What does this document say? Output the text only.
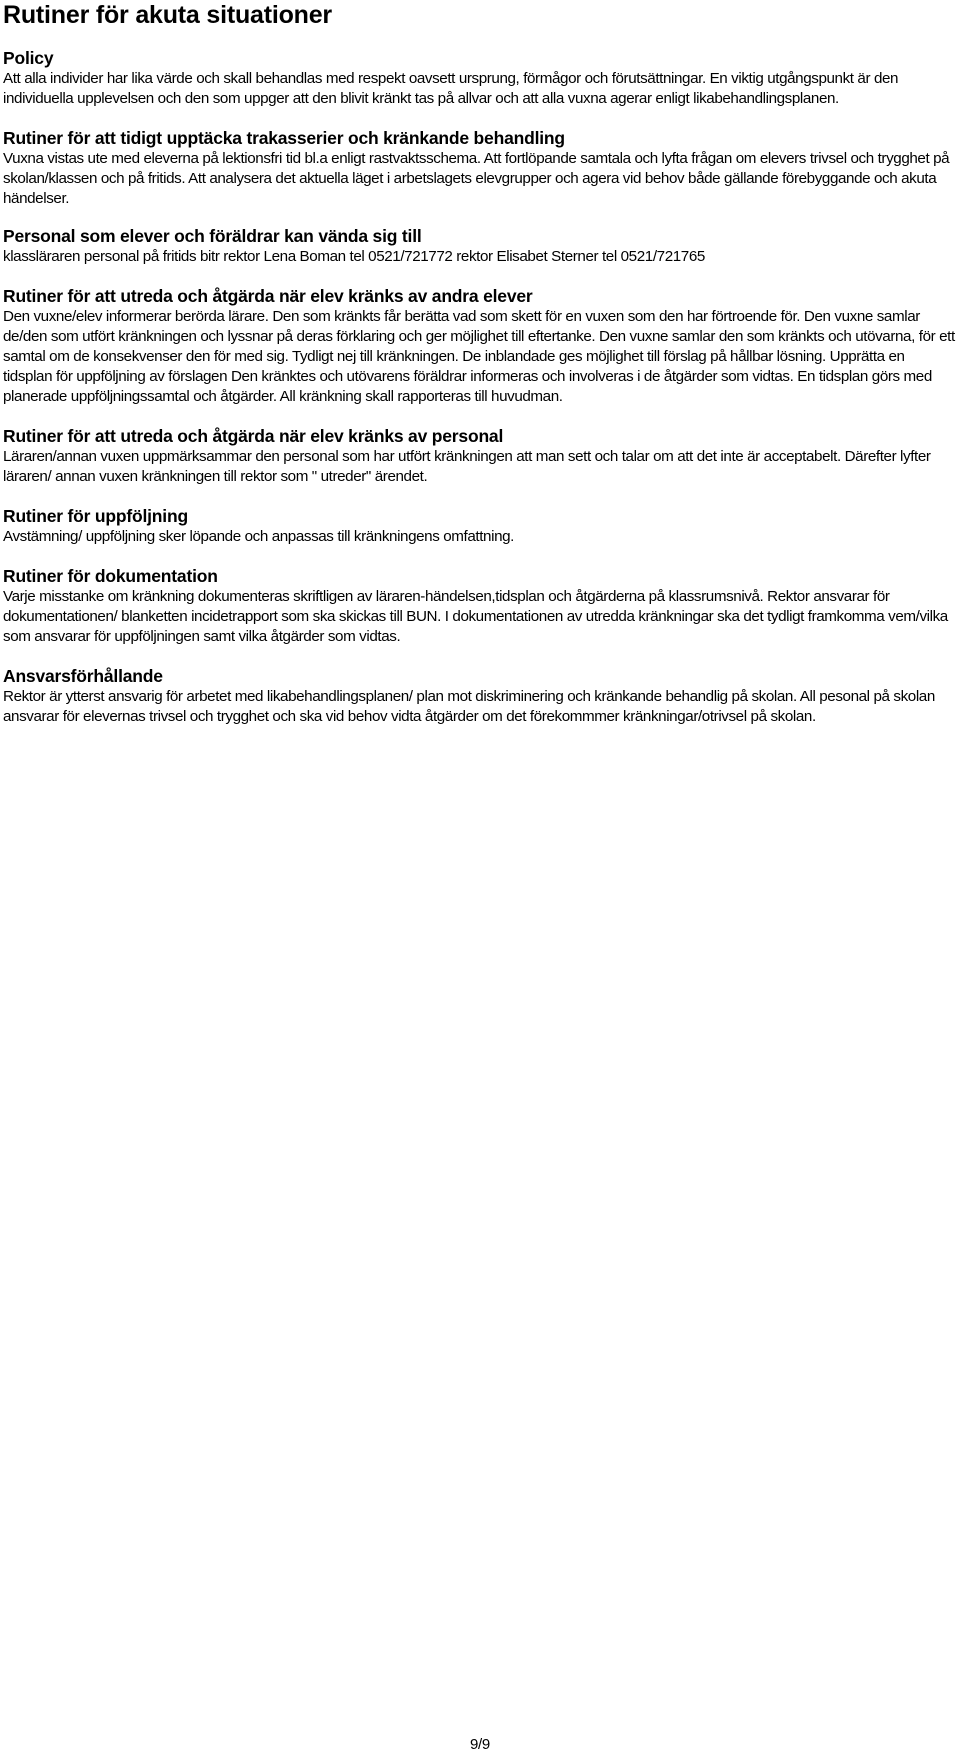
Rutiner för akuta situationer
Policy

Att alla individer har lika värde och skall behandlas med respekt oavsett ursprung, förmågor och förutsättningar. En viktig utgångspunkt är den individuella upplevelsen och den som uppger att den blivit kränkt tas på allvar och att alla vuxna agerar enligt likabehandlingsplanen.

Rutiner för att tidigt upptäcka trakasserier och kränkande behandling

Vuxna vistas ute med eleverna på lektionsfri tid bl.a enligt rastvaktsschema. Att fortlöpande samtala och lyfta frågan om elevers trivsel och trygghet på skolan/klassen och på fritids. Att analysera det aktuella läget i arbetslagets elevgrupper och agera vid behov både gällande förebyggande och akuta händelser.

Personal som elever och föräldrar kan vända sig till

klassläraren personal på fritids bitr rektor Lena Boman tel 0521/721772 rektor Elisabet Sterner tel 0521/721765

Rutiner för att utreda och åtgärda när elev kränks av andra elever

Den vuxne/elev informerar berörda lärare. Den som kränkts får berätta vad som skett för en vuxen som den har förtroende för. Den vuxne samlar de/den som utfört kränkningen och lyssnar på deras förklaring och ger möjlighet till eftertanke. Den vuxne samlar den som kränkts och utövarna, för ett samtal om de konsekvenser den för med sig. Tydligt nej till kränkningen. De inblandade ges möjlighet till förslag på hållbar lösning. Upprätta en tidsplan för uppföljning av förslagen Den kränktes och utövarens föräldrar informeras och involveras i de åtgärder som vidtas. En tidsplan görs med planerade uppföljningssamtal och åtgärder. All kränkning skall rapporteras till huvudman.

Rutiner för att utreda och åtgärda när elev kränks av personal

Läraren/annan vuxen uppmärksammar den personal som har utfört kränkningen att man sett och talar om att det inte är acceptabelt. Därefter lyfter läraren/ annan vuxen kränkningen till rektor som " utreder" ärendet.

Rutiner för uppföljning

Avstämning/ uppföljning sker löpande och anpassas till kränkningens omfattning.

Rutiner för dokumentation

Varje misstanke om kränkning dokumenteras skriftligen av läraren-händelsen,tidsplan och åtgärderna på klassrumsnivå. Rektor ansvarar för dokumentationen/ blanketten incidetrapport som ska skickas till BUN. I dokumentationen av utredda kränkningar ska det tydligt framkomma vem/vilka som ansvarar för uppföljningen samt vilka åtgärder som vidtas.

Ansvarsförhållande

Rektor är ytterst ansvarig för arbetet med likabehandlingsplanen/ plan mot diskriminering och kränkande behandlig på skolan. All pesonal på skolan ansvarar för elevernas trivsel och trygghet och ska vid behov vidta åtgärder om det förekommmer kränkningar/otrivsel på skolan.

9/9
